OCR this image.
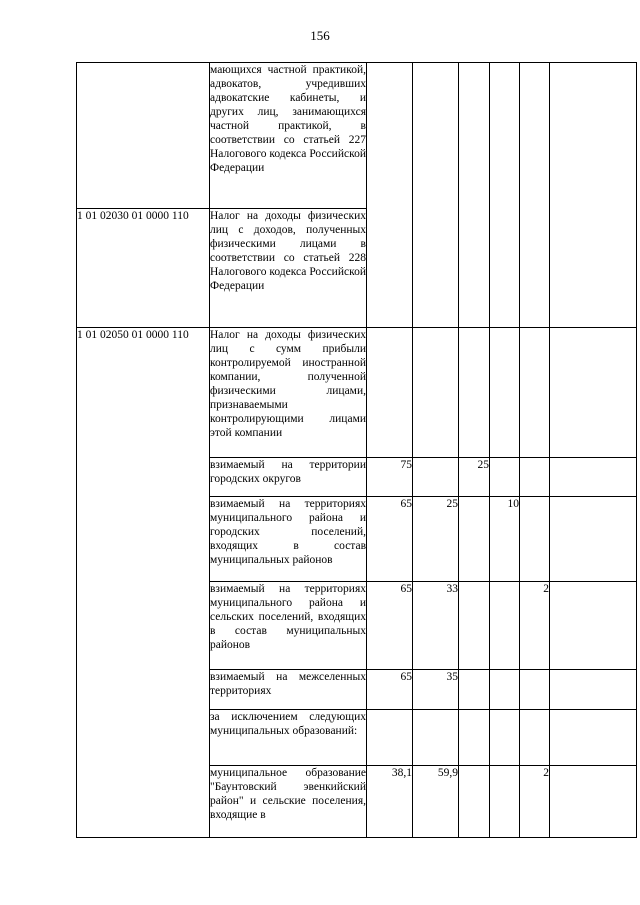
156
	мающихся частной практикой, адвокатов, учредивших адвокатские кабинеты, и других лиц, занимающихся частной практикой, в соответствии со статьей 227 Налогового кодекса Российской Федерации						
1 01 02030 01 0000 110	Налог на доходы физических лиц с доходов, полученных физическими лицами в соответствии со статьей 228 Налогового кодекса Российской Федерации						
1 01 02050 01 0000 110	Налог на доходы физических лиц с сумм прибыли контролируемой иностранной компании, полученной физическими лицами, признаваемыми контролирующими лицами этой компании						
	взимаемый на территории городских округов	75		25			
	взимаемый на территориях муниципального района и городских поселений, входящих в состав муниципальных районов	65	25		10		
	взимаемый на территориях муниципального района и сельских поселений, входящих в состав муниципальных районов	65	33			2	
	взимаемый на межселенных территориях	65	35				
	за исключением следующих муниципальных образований:						
	муниципальное образование "Баунтовский эвенкийский район" и сельские поселения, входящие в	38,1	59,9			2	
